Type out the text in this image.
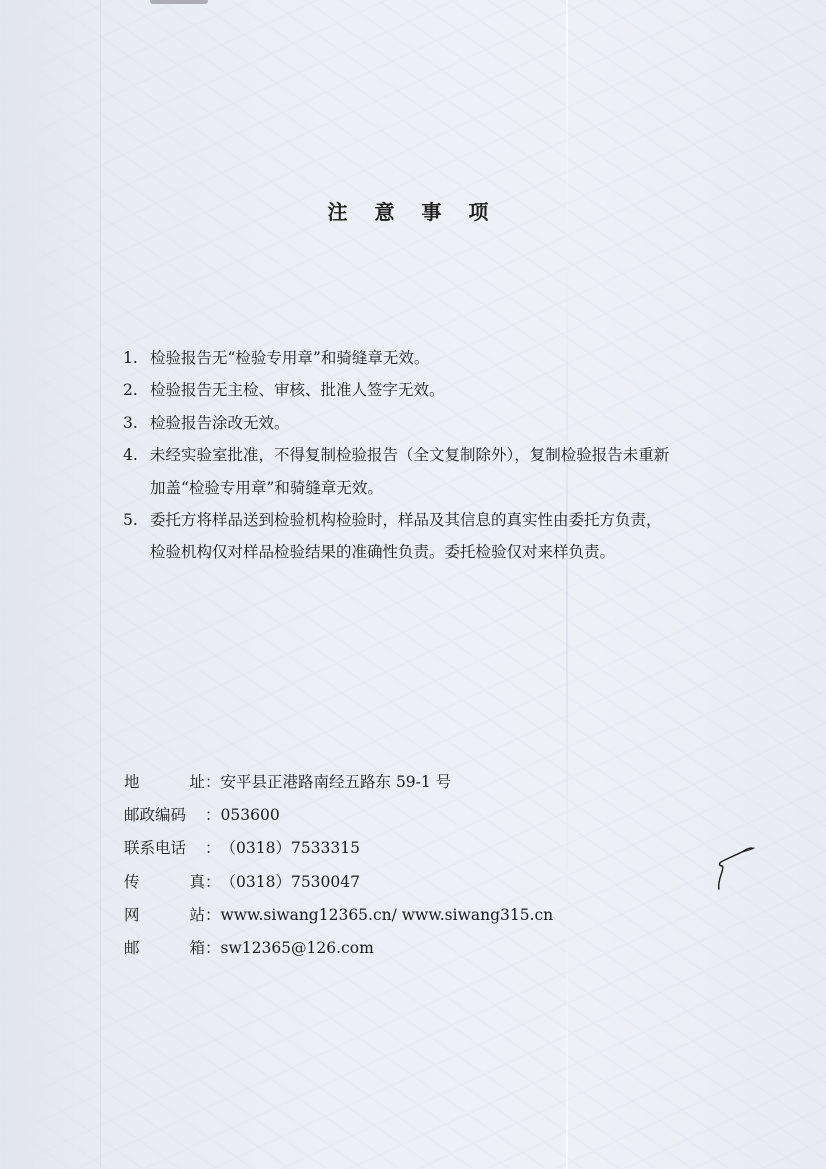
注 意 事 项
1. 检验报告无“检验专用章”和骑缝章无效。
2. 检验报告无主检、审核、批准人签字无效。
3. 检验报告涂改无效。
4. 未经实验室批准，不得复制检验报告（全文复制除外），复制检验报告未重新
加盖“检验专用章”和骑缝章无效。
5. 委托方将样品送到检验机构检验时，样品及其信息的真实性由委托方负责，
检验机构仅对样品检验结果的准确性负责。委托检验仅对来样负责。
地	址 ： 安平县正港路南经五路东 59-1 号
邮政编码	： 053600
联系电话	： （0318）7533315
传	真 ： （0318）7530047
网	站 ： www.siwang12365.cn/ www.siwang315.cn
邮	箱 ： sw12365@126.com
